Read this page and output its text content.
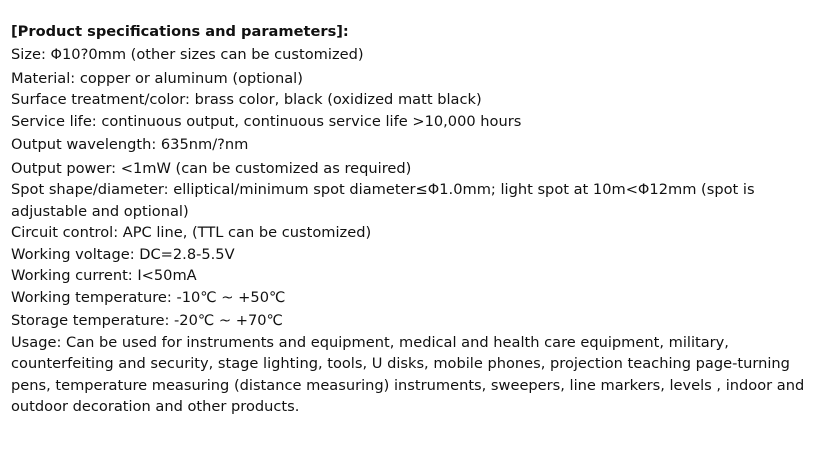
[Product specifications and parameters]:

Size: Φ10?0mm (other sizes can be customized)

Material: copper or aluminum (optional)

Surface treatment/color: brass color, black (oxidized matt black)

Service life: continuous output, continuous service life >10,000 hours

Output wavelength: 635nm/?nm

Output power: <1mW (can be customized as required)

Spot shape/diameter: elliptical/minimum spot diameter≤Φ1.0mm; light spot at 10m<Φ12mm (spot is adjustable and optional)

Circuit control: APC line, (TTL can be customized)

Working voltage: DC=2.8-5.5V

Working current: I<50mA

Working temperature: -10℃ ~ +50℃

Storage temperature: -20℃ ~ +70℃

Usage: Can be used for instruments and equipment, medical and health care equipment, military, counterfeiting and security, stage lighting, tools, U disks, mobile phones, projection teaching page-turning pens, temperature measuring (distance measuring) instruments, sweepers, line markers, levels , indoor and outdoor decoration and other products.
